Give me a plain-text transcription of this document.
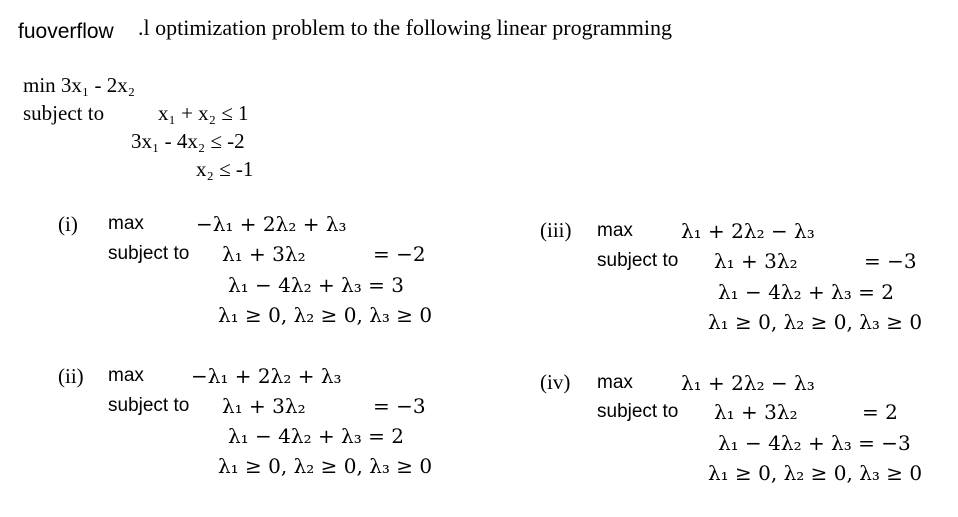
fuoverflow .l optimization problem to the following linear programming
min 3x₁ - 2x₂
subject to	x₁ + x₂ ≤ 1
3x₁ - 4x₂ ≤ -2
x₂ ≤ -1
(i) max	−λ₁ + 2λ₂ + λ₃
subject to λ₁ + 3λ₂	= −2
λ₁ − 4λ₂ + λ₃ = 3
λ₁ ≥ 0, λ₂ ≥ 0, λ₃ ≥ 0
(ii) max −λ₁ + 2λ₂ + λ₃
subject to λ₁ + 3λ₂	= −3
λ₁ − 4λ₂ + λ₃ = 2
λ₁ ≥ 0, λ₂ ≥ 0, λ₃ ≥ 0
(iii) max λ₁ + 2λ₂ − λ₃
subject to λ₁ + 3λ₂	= −3
λ₁ − 4λ₂ + λ₃ = 2
λ₁ ≥ 0, λ₂ ≥ 0, λ₃ ≥ 0
(iv) max λ₁ + 2λ₂ − λ₃
subject to λ₁ + 3λ₂	= 2
λ₁ − 4λ₂ + λ₃ = −3
λ₁ ≥ 0, λ₂ ≥ 0, λ₃ ≥ 0
